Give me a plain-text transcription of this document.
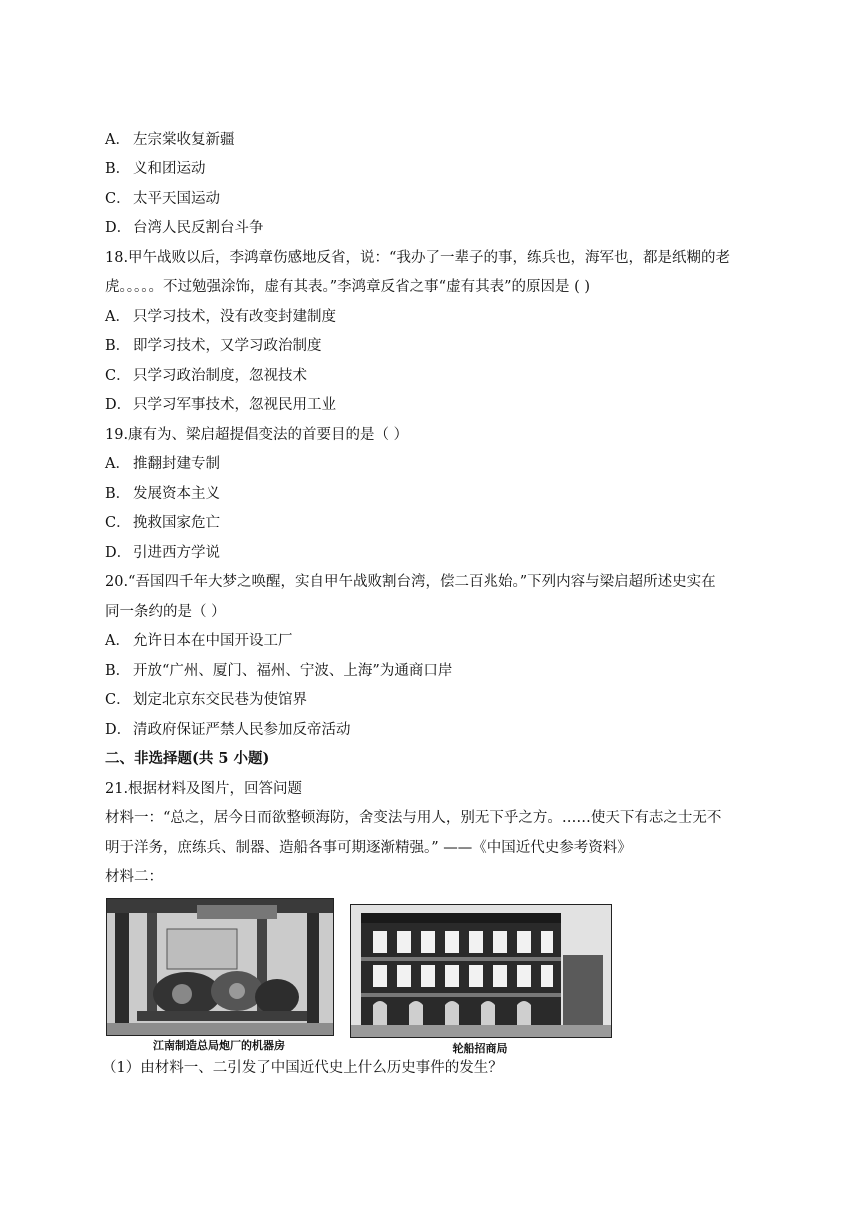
A． 左宗棠收复新疆
B． 义和团运动
C． 太平天国运动
D． 台湾人民反割台斗争
18.甲午战败以后，李鸿章伤感地反省，说：“我办了一辈子的事，练兵也，海军也，都是纸糊的老
虎。。。。。不过勉强涂饰，虚有其表。”李鸿章反省之事“虚有其表”的原因是 ( )
A． 只学习技术，没有改变封建制度
B． 即学习技术，又学习政治制度
C． 只学习政治制度，忽视技术
D． 只学习军事技术，忽视民用工业
19.康有为、梁启超提倡变法的首要目的是（ ）
A． 推翻封建专制
B． 发展资本主义
C． 挽救国家危亡
D． 引进西方学说
20.“吾国四千年大梦之唤醒，实自甲午战败割台湾，偿二百兆始。”下列内容与梁启超所述史实在
同一条约的是（ ）
A． 允许日本在中国开设工厂
B． 开放“广州、厦门、福州、宁波、上海”为通商口岸
C． 划定北京东交民巷为使馆界
D． 清政府保证严禁人民参加反帝活动
二、非选择题(共 5 小题)
21.根据材料及图片，回答问题
材料一：“总之，居今日而欲整顿海防，舍变法与用人，别无下乎之方。……使天下有志之士无不
明于洋务，庶练兵、制器、造船各事可期逐渐精强。” ——《中国近代史参考资料》
材料二：
江南制造总局炮厂的机器房	轮船招商局
（1）由材料一、二引发了中国近代史上什么历史事件的发生？
